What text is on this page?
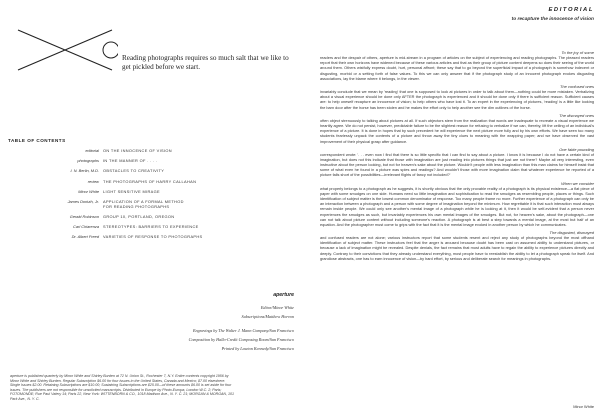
Reading photographs requires so much salt that we like to get pickled before we start.

TABLE OF CONTENTS
editorial	ON THE INNOCENCE OF VISION
photographs	IN THE MANNER OF . . . .
I. N. Berlin, M.D.	OBSTACLES TO CREATIVITY
review	THE PHOTOGRAPHS OF HARRY CALLAHAN
Minor White	LIGHT SENSITIVE MIRAGE
James Doriuth, Jr.	APPLICATION OF A FORMAL METHOD
FOR READING PHOTOGRAPHS
Gerald Robinson	GROUP 10, PORTLAND, OREGON
Carl Chiarenza	STEREOTYPES: BARRIERS TO EXPERIENCE
Dr. Albert Freed	VARIETIES OF RESPONSE TO PHOTOGRAPHS
aperture
Editor/Minor White
Subscriptions/Matthew Horvon
Engravings by The Walter J. Mann Company/San Francisco
Composition by Hallo-Credit Composing Room/San Francisco
Printed by Lawton Kennedy/San Francisco

aperture is published quarterly by Minor White and Shirley Burden at 72 N. Union St., Rochester 7, N.Y. Entire contents copyright 1956 by Minor White and Shirley Burden. Regular Subscription $6.00 for four issues in the United States, Canada and Mexico; $7.00 elsewhere. Single Issues $2.00. Retaining Subscriptions are $10.00; Sustaining Subscriptions are $25.00—of these amounts $6.00 is set aside for four issues. The publishers are not responsible for unsolicited manuscripts. Distributed in Europe by Photo-Europa, London W.C. 2; Paris; FOTOMONDE; Rue Paul Valery 14; Paris 22, New York: WITTENBORN & CO., 1018 Madison Ave., N. Y. C. 21; MORGAN & MORGAN, 101 Park Ave., N. Y. C.

EDITORIAL
to recapture the innocence of vision
To the joy of some

readers and the despair of others, aperture is mid-stream in a program of articles on the subject of experiencing and reading photographs. The pleased readers report that their own horizons have widened because of these various articles and that as their group of picture content deepens so does their seeing of the world around them. Others wistfully express doubt, hurt, personal affront; these say that to go beyond the superficial impact of a photograph is somehow indecent or disgusting, morbid or a setting forth of false values. To this we can only answer that if the photograph study of an innocent photograph evokes disgusting associations, lay the blame where it belongs, in the viewer.

The confused ones

invariably conclude that we mean by 'reading' that one is supposed to look at pictures in order to talk about them—nothing could be more mistaken. Verbalizing about a visual experience should be done only AFTER the photograph is experienced and it should be done only if there is sufficient reason. Sufficient causes are: to help oneself recapture an innocence of vision; to help others who have lost it. To an expert in the experiencing of pictures, 'reading' is a little like looking the barn door after the horse has been stolen and he makes the effort only to help another see the dim outlines of the horse.

The dismayed ones

often object strenuously to talking about pictures at all. If such objectors stem from the realization that words are inadequate to recreate a visual experience we heartily agree. We do not persist, however, predictable failure to be the slightest reason for refusing to verbalize if we can, thereby, lift the ceiling of an individual's experience of a picture. It is done in hopes that by such precedent he will experience the next picture more fully and by his own efforts. We have seen too many students fearlessly unpack the contents of a picture and throw away the tiny clues to meaning with the wrapping paper; and we have observed the vast improvement of their physical grasp after guidance.

One fable pounding

correspondent wrote: '. . . even now I find that there is so little specific that I can find to say about a picture. I know it is because I do not have a certain kind of imagination, but does not this indicate that those with imagination are just reading into pictures things that just are not there? Maybe all very interesting, even instructive about the person looking, but not for heaven's sake about the picture. Wouldn't people with less imagination than this man claims for himself insist that some of what even he found in a picture was spies and readings? And wouldn't those with more imagination claim that whatever experience he reported of a picture falls short of the possibilities—irrelevant flights of fancy not included?'

When we consider

what properly belongs to a photograph as he suggests, it is shortly obvious that the only provable reality of a photograph is its physical existence—a flat piece of paper with some smudges on one side. Humans need so little imagination and sophistication to read the smudges as resembling people, places or things. Such identification of subject matter is the lowest common denominator of response. Too many people frame no more. Further experience of a photograph can only be an interaction between a photograph and a person with some degree of imagination beyond the minimum. How regrettable it is that such interaction must always remain inside people. We could only see another's mental image of a photograph while he is looking at it, then it would be self-evident that a person never experiences the smudges as such, but invariably experiences his own mental images of the smudges. But not, for heaven's sake, about the photograph—one can not talk about picture content without including someone's reaction. A photograph is at best a step towards a mental image, at the most but half of an equation. And the photographer must come to grips with the fact that it is the mental image evoked in another person by which he communicates.

The disgusted, dismayed

and confused readers are not alone; various instructors report that some students resent and reject any study of photographs beyond the most offhand identification of subject matter. These instructors feel that the anger is aroused because doubt has been cast on assumed ability to understand pictures, or because a lack of imagination might be revealed. Despite denials, the fact remains that most adults have to regain the ability to experience pictures directly and deeply. Contrary to their convictions that they already understand everything, most people have to reestablish the ability to let a photograph speak for itself. And grandiose abstracts, one has to earn innocence of vision—by hard effort, by serious and deliberate search for meanings in photographs.

Minor White
